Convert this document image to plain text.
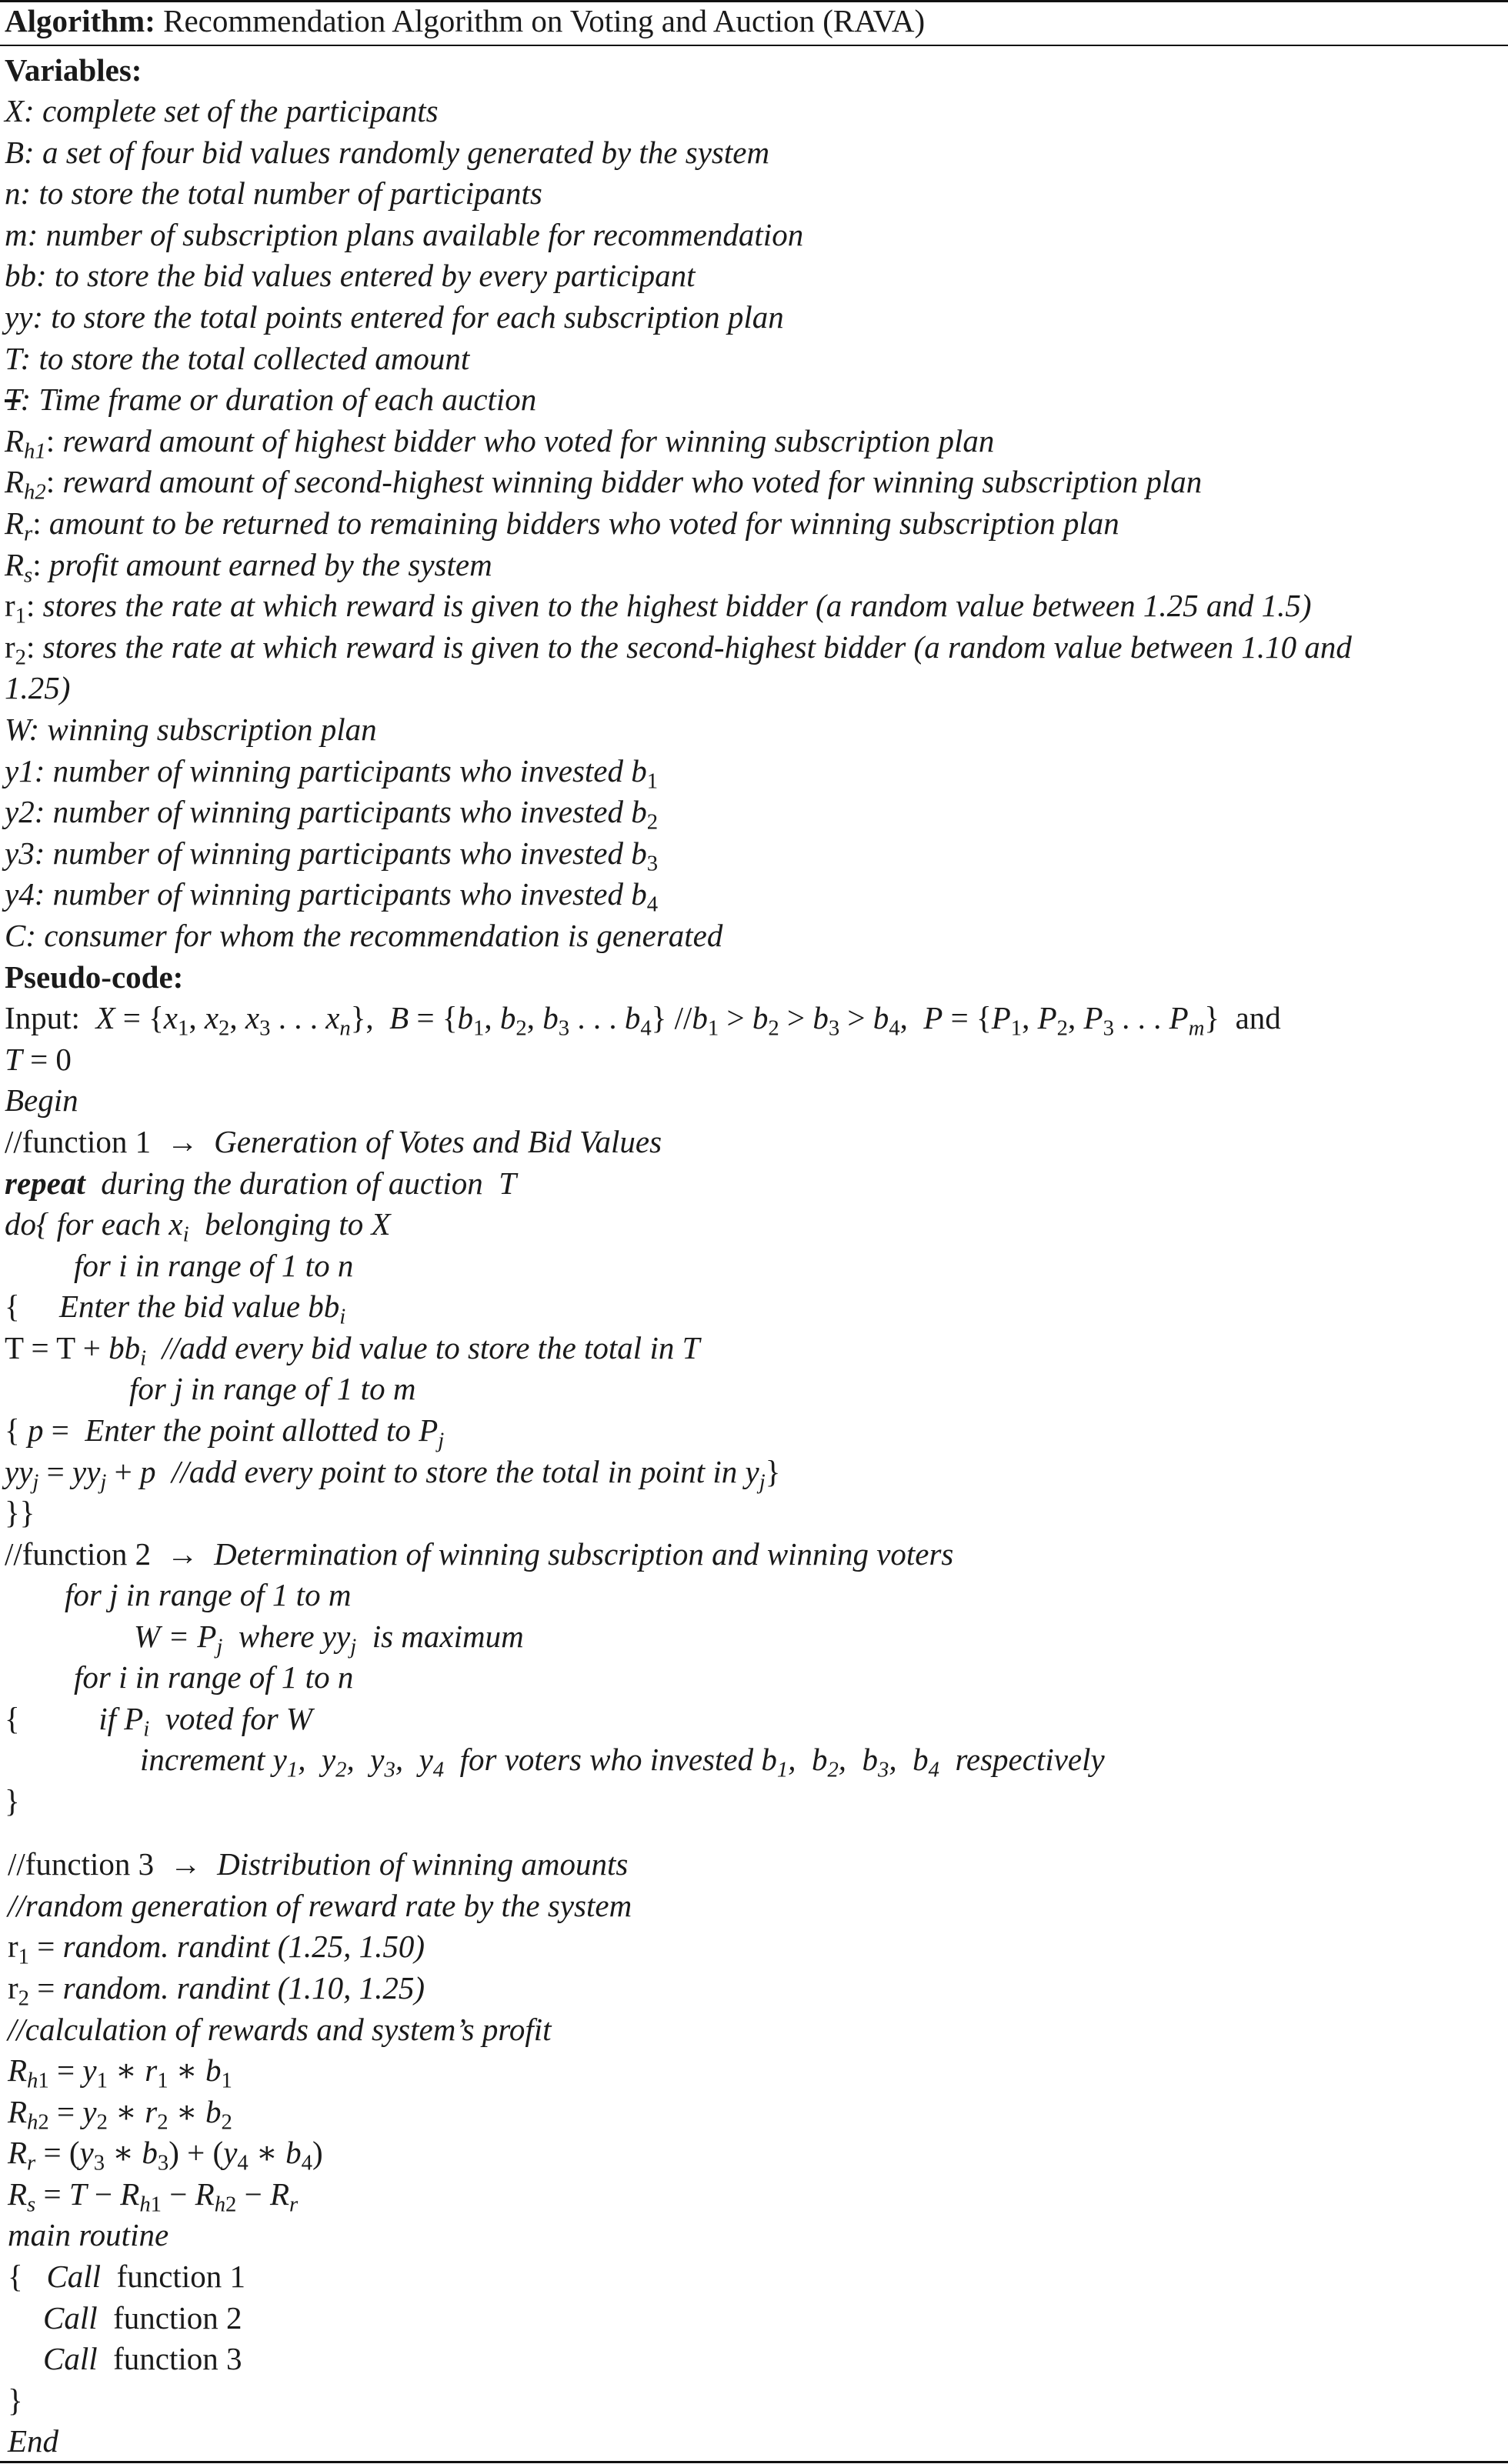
Algorithm: Recommendation Algorithm on Voting and Auction (RAVA)
Variables:
X: complete set of the participants
B: a set of four bid values randomly generated by the system
n: to store the total number of participants
m: number of subscription plans available for recommendation
bb: to store the bid values entered by every participant
yy: to store the total points entered for each subscription plan
T: to store the total collected amount
T: Time frame or duration of each auction
$R_{h1}$: reward amount of highest bidder who voted for winning subscription plan
$R_{h2}$: reward amount of second-highest winning bidder who voted for winning subscription plan
$R_r$: amount to be returned to remaining bidders who voted for winning subscription plan
$R_s$: profit amount earned by the system
$r_1$: stores the rate at which reward is given to the highest bidder (a random value between 1.25 and 1.5)
$r_2$: stores the rate at which reward is given to the second-highest bidder (a random value between 1.10 and
1.25)
W: winning subscription plan
y1: number of winning participants who invested $b_1$
y2: number of winning participants who invested $b_2$
y3: number of winning participants who invested $b_3$
y4: number of winning participants who invested $b_4$
C: consumer for whom the recommendation is generated
Pseudo-code:
Input: $X = \{x_1$, $x_2$, $x_3$ . . . $x_n$},  $B = \{b_1$, $b_2$, $b_3$ . . . $b_4$} $//b_1 > b_2 > b_3 > b_4$,  $P = \{P_1$, $P_2$, $P_3$ . . . $P_m$}  and
T = 0
Begin
//function 1  →  Generation of Votes and Bid Values
repeat during the duration of auction  T
do{ for each $x_i$ belonging to X
for i in range of 1 to n
{     Enter the bid value $bb_i$
$T = T + bb_i$ //add every bid value to store the total in T
for j in range of 1 to m
{ p =  Enter the point allotted to $P_j$
$yy_j = yy_j + p$ //add every point to store the total in point in $y_j$}
}}
//function 2  →  Determination of winning subscription and winning voters
for j in range of 1 to m
$W = P_j$ where $yy_j$ is maximum
for i in range of 1 to n
{          if $P_i$ voted for W
increment $y_1$,  $y_2$,  $y_3$,  $y_4$ for voters who invested $b_1$,  $b_2$,  $b_3$,  $b_4$ respectively
}
//function 3  →  Distribution of winning amounts
//random generation of reward rate by the system
$r_1$ = random. randint (1.25, 1.50)
$r_2$ = random. randint (1.10, 1.25)
//calculation of rewards and system’s profit
$R_{h1} = y_1$ ∗ $r_1$ ∗ $b_1$
$R_{h2} = y_2$ ∗ $r_2$ ∗ $b_2$
$R_r = (y_3$ ∗ $b_3) + (y_4$ ∗ $b_4$)
$R_s = T - R_{h1} - R_{h2} - R_r$
main routine
{   Call function 1
Call function 2
Call function 3
}
End
